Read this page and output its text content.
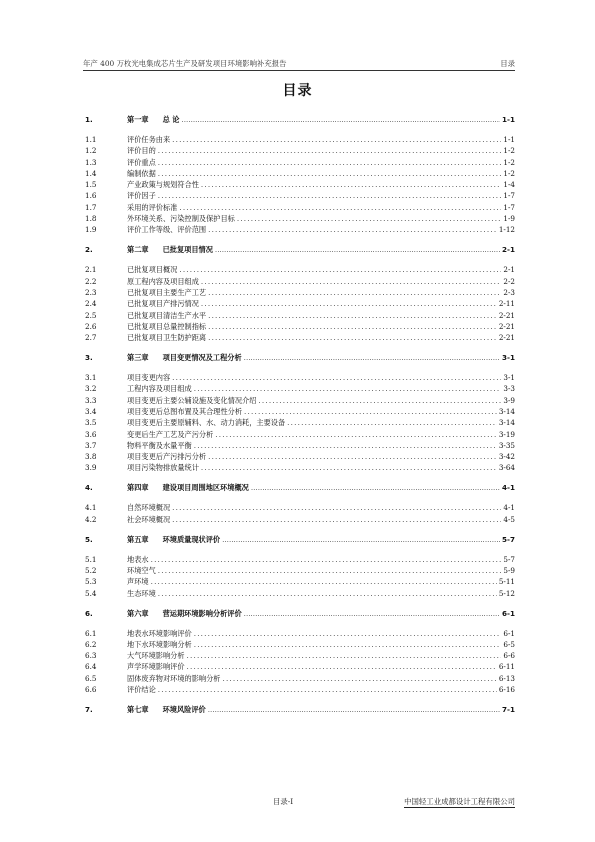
年产 400 万枚光电集成芯片生产及研发项目环境影响补充报告	目录
目录
1.	第一章 总 论 .....	1-1
1.1	评价任务由来 .....	1-1
1.2	评价目的 .....	1-2
1.3	评价重点 .....	1-2
1.4	编制依据 .....	1-2
1.5	产业政策与规划符合性 .....	1-4
1.6	评价因子 .....	1-7
1.7	采用的评价标准 .....	1-7
1.8	外环境关系、污染控制及保护目标 .....	1-9
1.9	评价工作等级、评价范围 .....	1-12
2.	第二章 已批复项目情况 .....	2-1
2.1	已批复项目概况 .....	2-1
2.2	原工程内容及项目组成 .....	2-2
2.3	已批复项目主要生产工艺 .....	2-3
2.4	已批复项目产排污情况 .....	2-11
2.5	已批复项目清洁生产水平 .....	2-21
2.6	已批复项目总量控制指标 .....	2-21
2.7	已批复项目卫生防护距离 .....	2-21
3.	第三章 项目变更情况及工程分析 .....	3-1
3.1	项目变更内容 .....	3-1
3.2	工程内容及项目组成 .....	3-3
3.3	项目变更后主要公辅设施及变化情况介绍 .....	3-9
3.4	项目变更后总图布置及其合理性分析 .....	3-14
3.5	项目变更后主要原辅料、水、动力消耗，主要设备 .....	3-14
3.6	变更后生产工艺及产污分析 .....	3-19
3.7	物料平衡及水量平衡 .....	3-35
3.8	项目变更后产污排污分析 .....	3-42
3.9	项目污染物排放量统计 .....	3-64
4.	第四章 建设项目周围地区环境概况 .....	4-1
4.1	自然环境概况 .....	4-1
4.2	社会环境概况 .....	4-5
5.	第五章 环境质量现状评价 .....	5-7
5.1	地表水 .....	5-7
5.2	环境空气 .....	5-9
5.3	声环境 .....	5-11
5.4	生态环境 .....	5-12
6.	第六章 营运期环境影响分析评价 .....	6-1
6.1	地表水环境影响评价 .....	6-1
6.2	地下水环境影响分析 .....	6-5
6.3	大气环境影响分析 .....	6-6
6.4	声学环境影响评价 .....	6-11
6.5	固体废弃物对环境的影响分析 .....	6-13
6.6	评价结论 .....	6-16
7.	第七章 环境风险评价 .....	7-1
目录-I	中国轻工业成都设计工程有限公司
